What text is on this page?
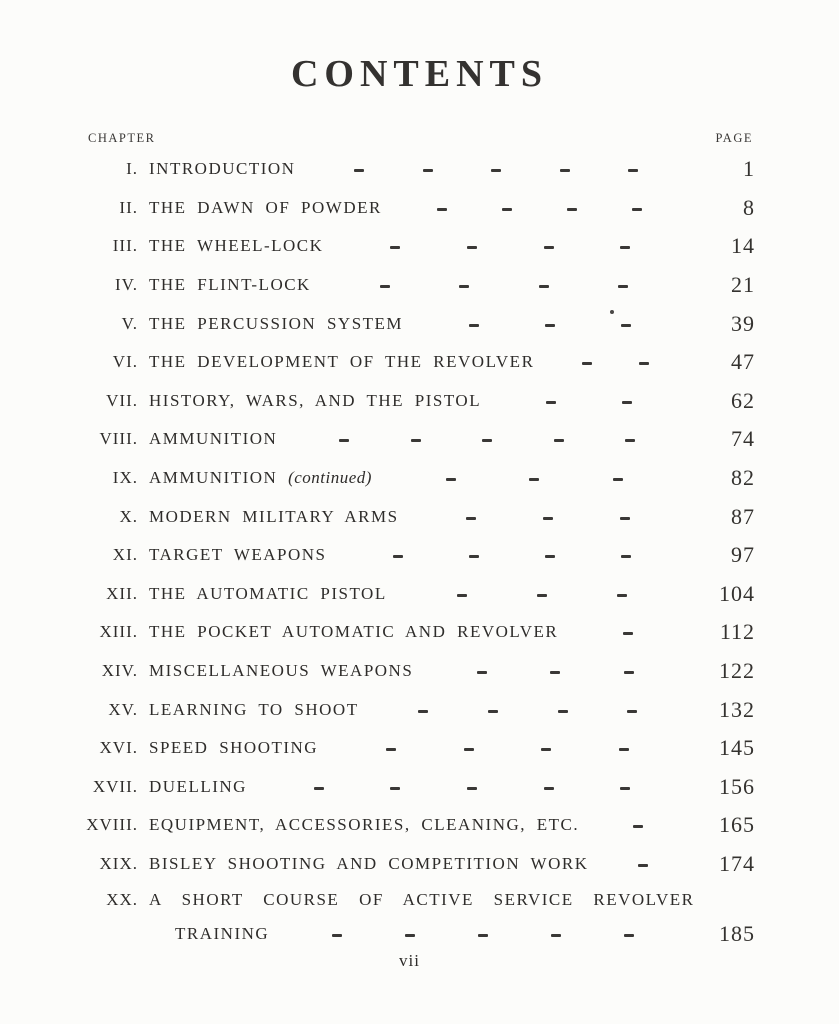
CONTENTS
CHAPTER	PAGE
I. INTRODUCTION	1
II. THE DAWN OF POWDER	8
III. THE WHEEL-LOCK	14
IV. THE FLINT-LOCK	21
V. THE PERCUSSION SYSTEM	39
VI. THE DEVELOPMENT OF THE REVOLVER	47
VII. HISTORY, WARS, AND THE PISTOL	62
VIII. AMMUNITION	74
IX. AMMUNITION (continued)	82
X. MODERN MILITARY ARMS	87
XI. TARGET WEAPONS	97
XII. THE AUTOMATIC PISTOL	104
XIII. THE POCKET AUTOMATIC AND REVOLVER	112
XIV. MISCELLANEOUS WEAPONS	122
XV. LEARNING TO SHOOT	132
XVI. SPEED SHOOTING	145
XVII. DUELLING	156
XVIII. EQUIPMENT, ACCESSORIES, CLEANING, ETC.	165
XIX. BISLEY SHOOTING AND COMPETITION WORK	174
XX. A SHORT COURSE OF ACTIVE SERVICE REVOLVER
TRAINING	185
vii
